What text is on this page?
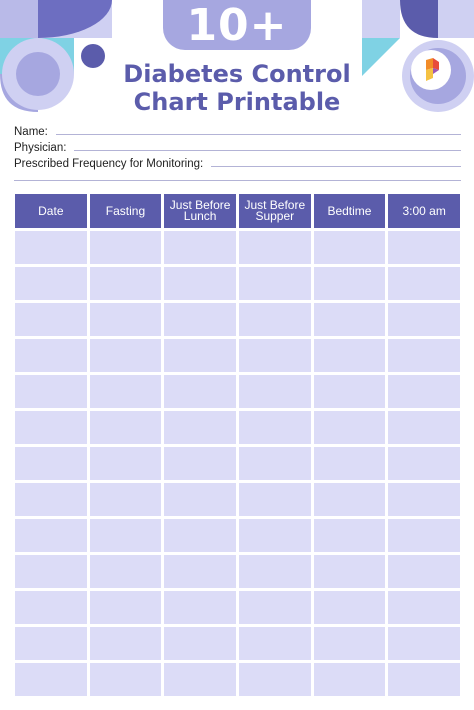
10+
Diabetes Control
Chart Printable
Name:
Physician:
Prescribed Frequency for Monitoring:
Date	Fasting	Just Before Lunch	Just Before Supper	Bedtime	3:00 am
